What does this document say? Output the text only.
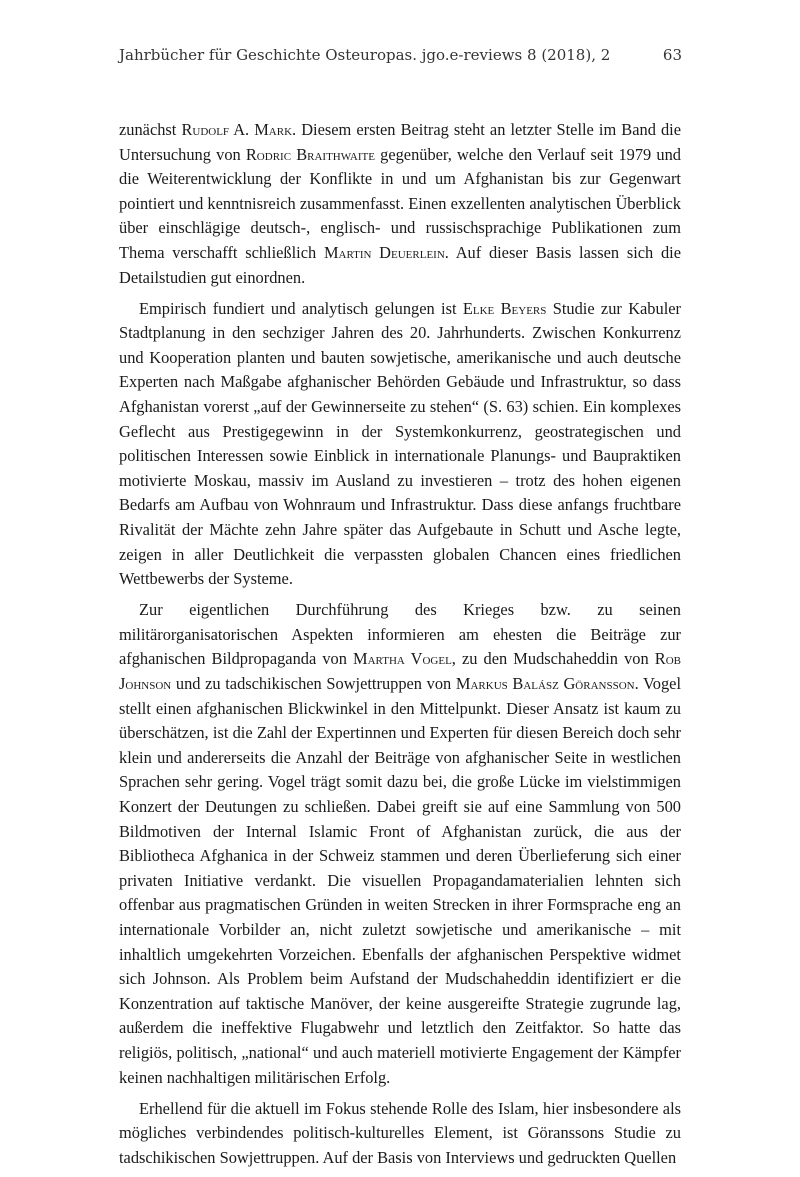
Jahrbücher für Geschichte Osteuropas. jgo.e-reviews 8 (2018), 2	63

zunächst Rudolf A. Mark. Diesem ersten Beitrag steht an letzter Stelle im Band die Untersuchung von Rodric Braithwaite gegenüber, welche den Verlauf seit 1979 und die Weiterentwicklung der Konflikte in und um Afghanistan bis zur Gegenwart pointiert und kenntnisreich zusammenfasst. Einen exzellenten analytischen Überblick über einschlägige deutsch-, englisch- und russischsprachige Publikationen zum Thema verschafft schließlich Martin Deuerlein. Auf dieser Basis lassen sich die Detailstudien gut einordnen.

Empirisch fundiert und analytisch gelungen ist Elke Beyers Studie zur Kabuler Stadtplanung in den sechziger Jahren des 20. Jahrhunderts. Zwischen Konkurrenz und Kooperation planten und bauten sowjetische, amerikanische und auch deutsche Experten nach Maßgabe afghanischer Behörden Gebäude und Infrastruktur, so dass Afghanistan vorerst „auf der Gewinnerseite zu stehen“ (S. 63) schien. Ein komplexes Geflecht aus Prestigegewinn in der Systemkonkurrenz, geostrategischen und politischen Interessen sowie Einblick in internationale Planungs- und Baupraktiken motivierte Moskau, massiv im Ausland zu investieren – trotz des hohen eigenen Bedarfs am Aufbau von Wohnraum und Infrastruktur. Dass diese anfangs fruchtbare Rivalität der Mächte zehn Jahre später das Aufgebaute in Schutt und Asche legte, zeigen in aller Deutlichkeit die verpassten globalen Chancen eines friedlichen Wettbewerbs der Systeme.

Zur eigentlichen Durchführung des Krieges bzw. zu seinen militärorganisatorischen Aspekten informieren am ehesten die Beiträge zur afghanischen Bildpropaganda von Martha Vogel, zu den Mudschaheddin von Rob Johnson und zu tadschikischen Sowjettruppen von Markus Balász Göransson. Vogel stellt einen afghanischen Blickwinkel in den Mittelpunkt. Dieser Ansatz ist kaum zu überschätzen, ist die Zahl der Expertinnen und Experten für diesen Bereich doch sehr klein und andererseits die Anzahl der Beiträge von afghanischer Seite in westlichen Sprachen sehr gering. Vogel trägt somit dazu bei, die große Lücke im vielstimmigen Konzert der Deutungen zu schließen. Dabei greift sie auf eine Sammlung von 500 Bildmotiven der Internal Islamic Front of Afghanistan zurück, die aus der Bibliotheca Afghanica in der Schweiz stammen und deren Überlieferung sich einer privaten Initiative verdankt. Die visuellen Propagandamaterialien lehnten sich offenbar aus pragmatischen Gründen in weiten Strecken in ihrer Formsprache eng an internationale Vorbilder an, nicht zuletzt sowjetische und amerikanische – mit inhaltlich umgekehrten Vorzeichen. Ebenfalls der afghanischen Perspektive widmet sich Johnson. Als Problem beim Aufstand der Mudschaheddin identifiziert er die Konzentration auf taktische Manöver, der keine ausgereifte Strategie zugrunde lag, außerdem die ineffektive Flugabwehr und letztlich den Zeitfaktor. So hatte das religiös, politisch, „national“ und auch materiell motivierte Engagement der Kämpfer keinen nachhaltigen militärischen Erfolg.

Erhellend für die aktuell im Fokus stehende Rolle des Islam, hier insbesondere als mögliches verbindendes politisch-kulturelles Element, ist Göranssons Studie zu tadschikischen Sowjettruppen. Auf der Basis von Interviews und gedruckten Quellen
